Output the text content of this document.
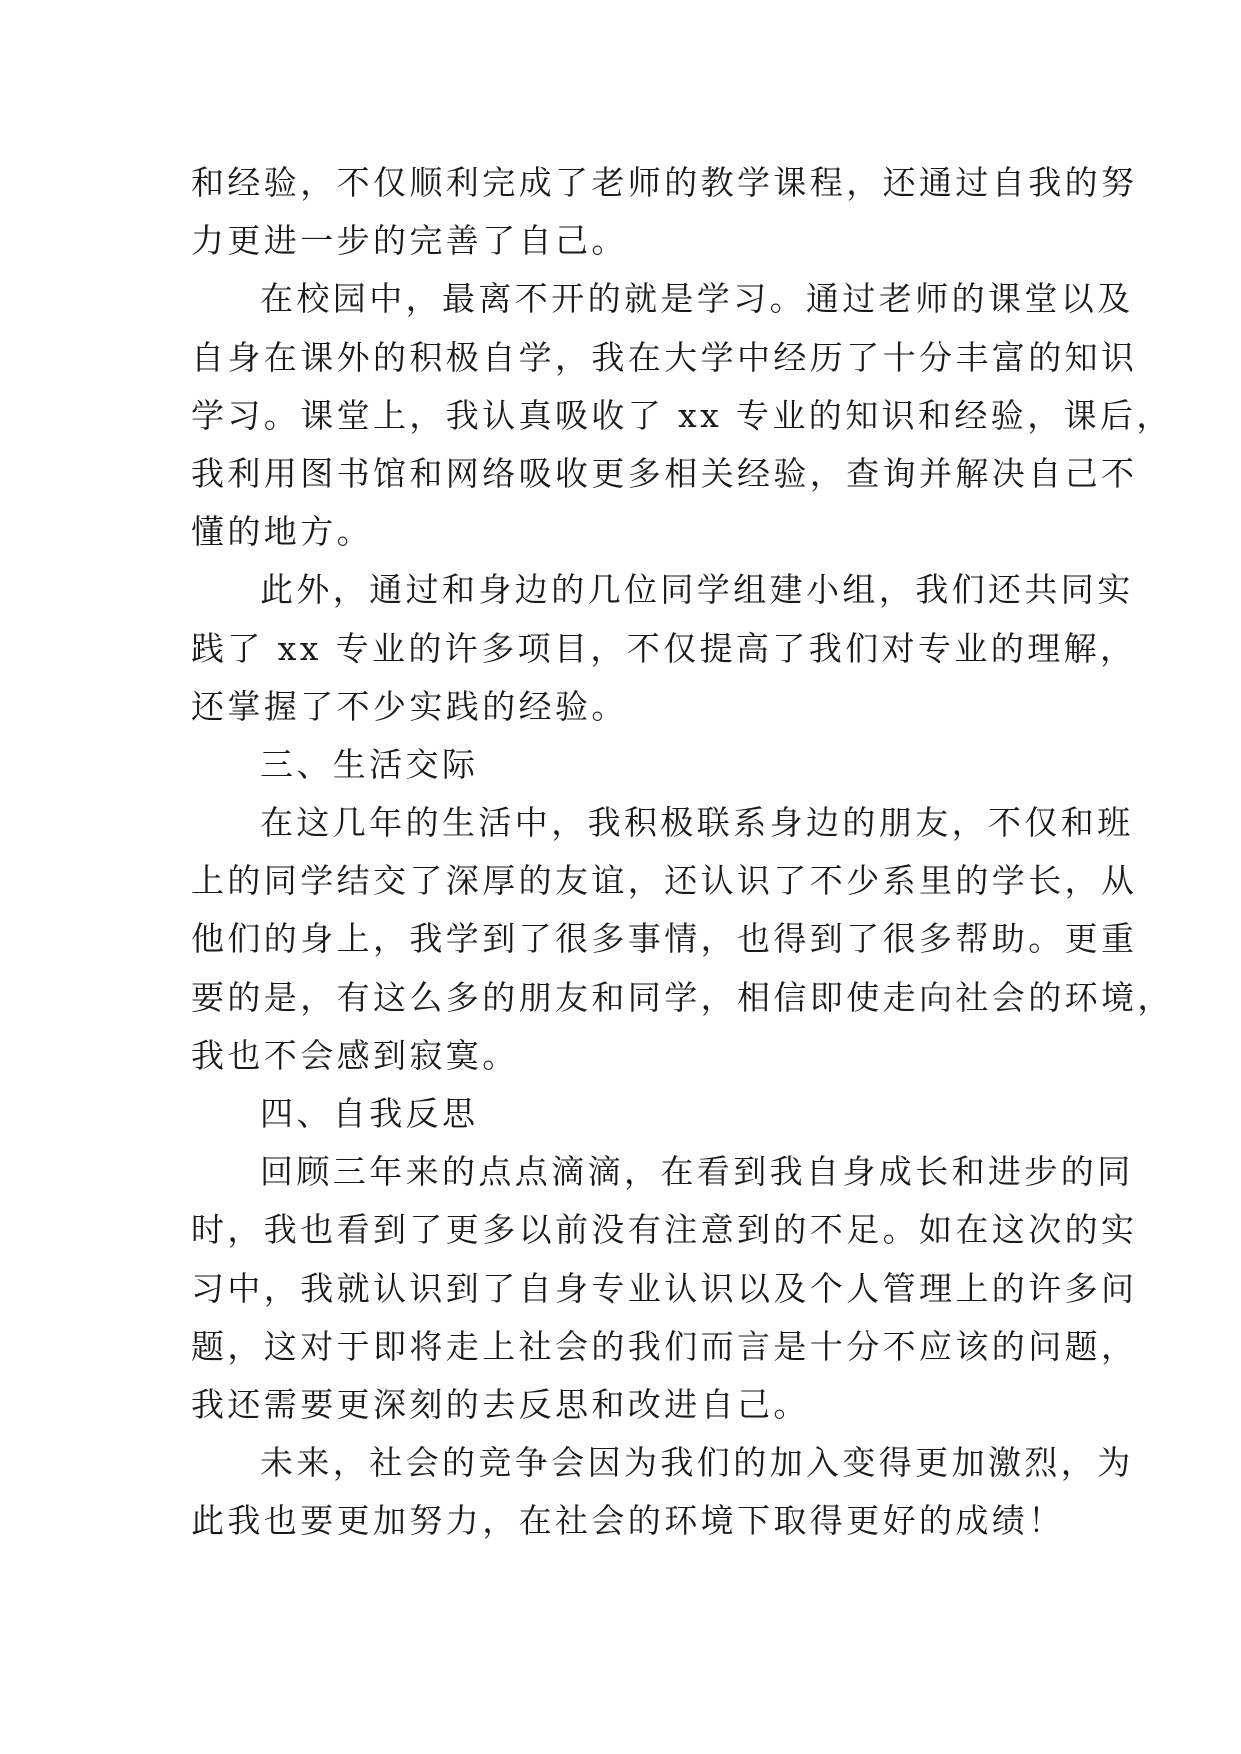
和经验，不仅顺利完成了老师的教学课程，还通过自我的努
力更进一步的完善了自己。
在校园中，最离不开的就是学习。通过老师的课堂以及
自身在课外的积极自学，我在大学中经历了十分丰富的知识
学习。课堂上，我认真吸收了 xx 专业的知识和经验，课后，
我利用图书馆和网络吸收更多相关经验，查询并解决自己不
懂的地方。
此外，通过和身边的几位同学组建小组，我们还共同实
践了 xx 专业的许多项目，不仅提高了我们对专业的理解，
还掌握了不少实践的经验。
三、生活交际
在这几年的生活中，我积极联系身边的朋友，不仅和班
上的同学结交了深厚的友谊，还认识了不少系里的学长，从
他们的身上，我学到了很多事情，也得到了很多帮助。更重
要的是，有这么多的朋友和同学，相信即使走向社会的环境，
我也不会感到寂寞。
四、自我反思
回顾三年来的点点滴滴，在看到我自身成长和进步的同
时，我也看到了更多以前没有注意到的不足。如在这次的实
习中，我就认识到了自身专业认识以及个人管理上的许多问
题，这对于即将走上社会的我们而言是十分不应该的问题，
我还需要更深刻的去反思和改进自己。
未来，社会的竞争会因为我们的加入变得更加激烈，为
此我也要更加努力，在社会的环境下取得更好的成绩！
